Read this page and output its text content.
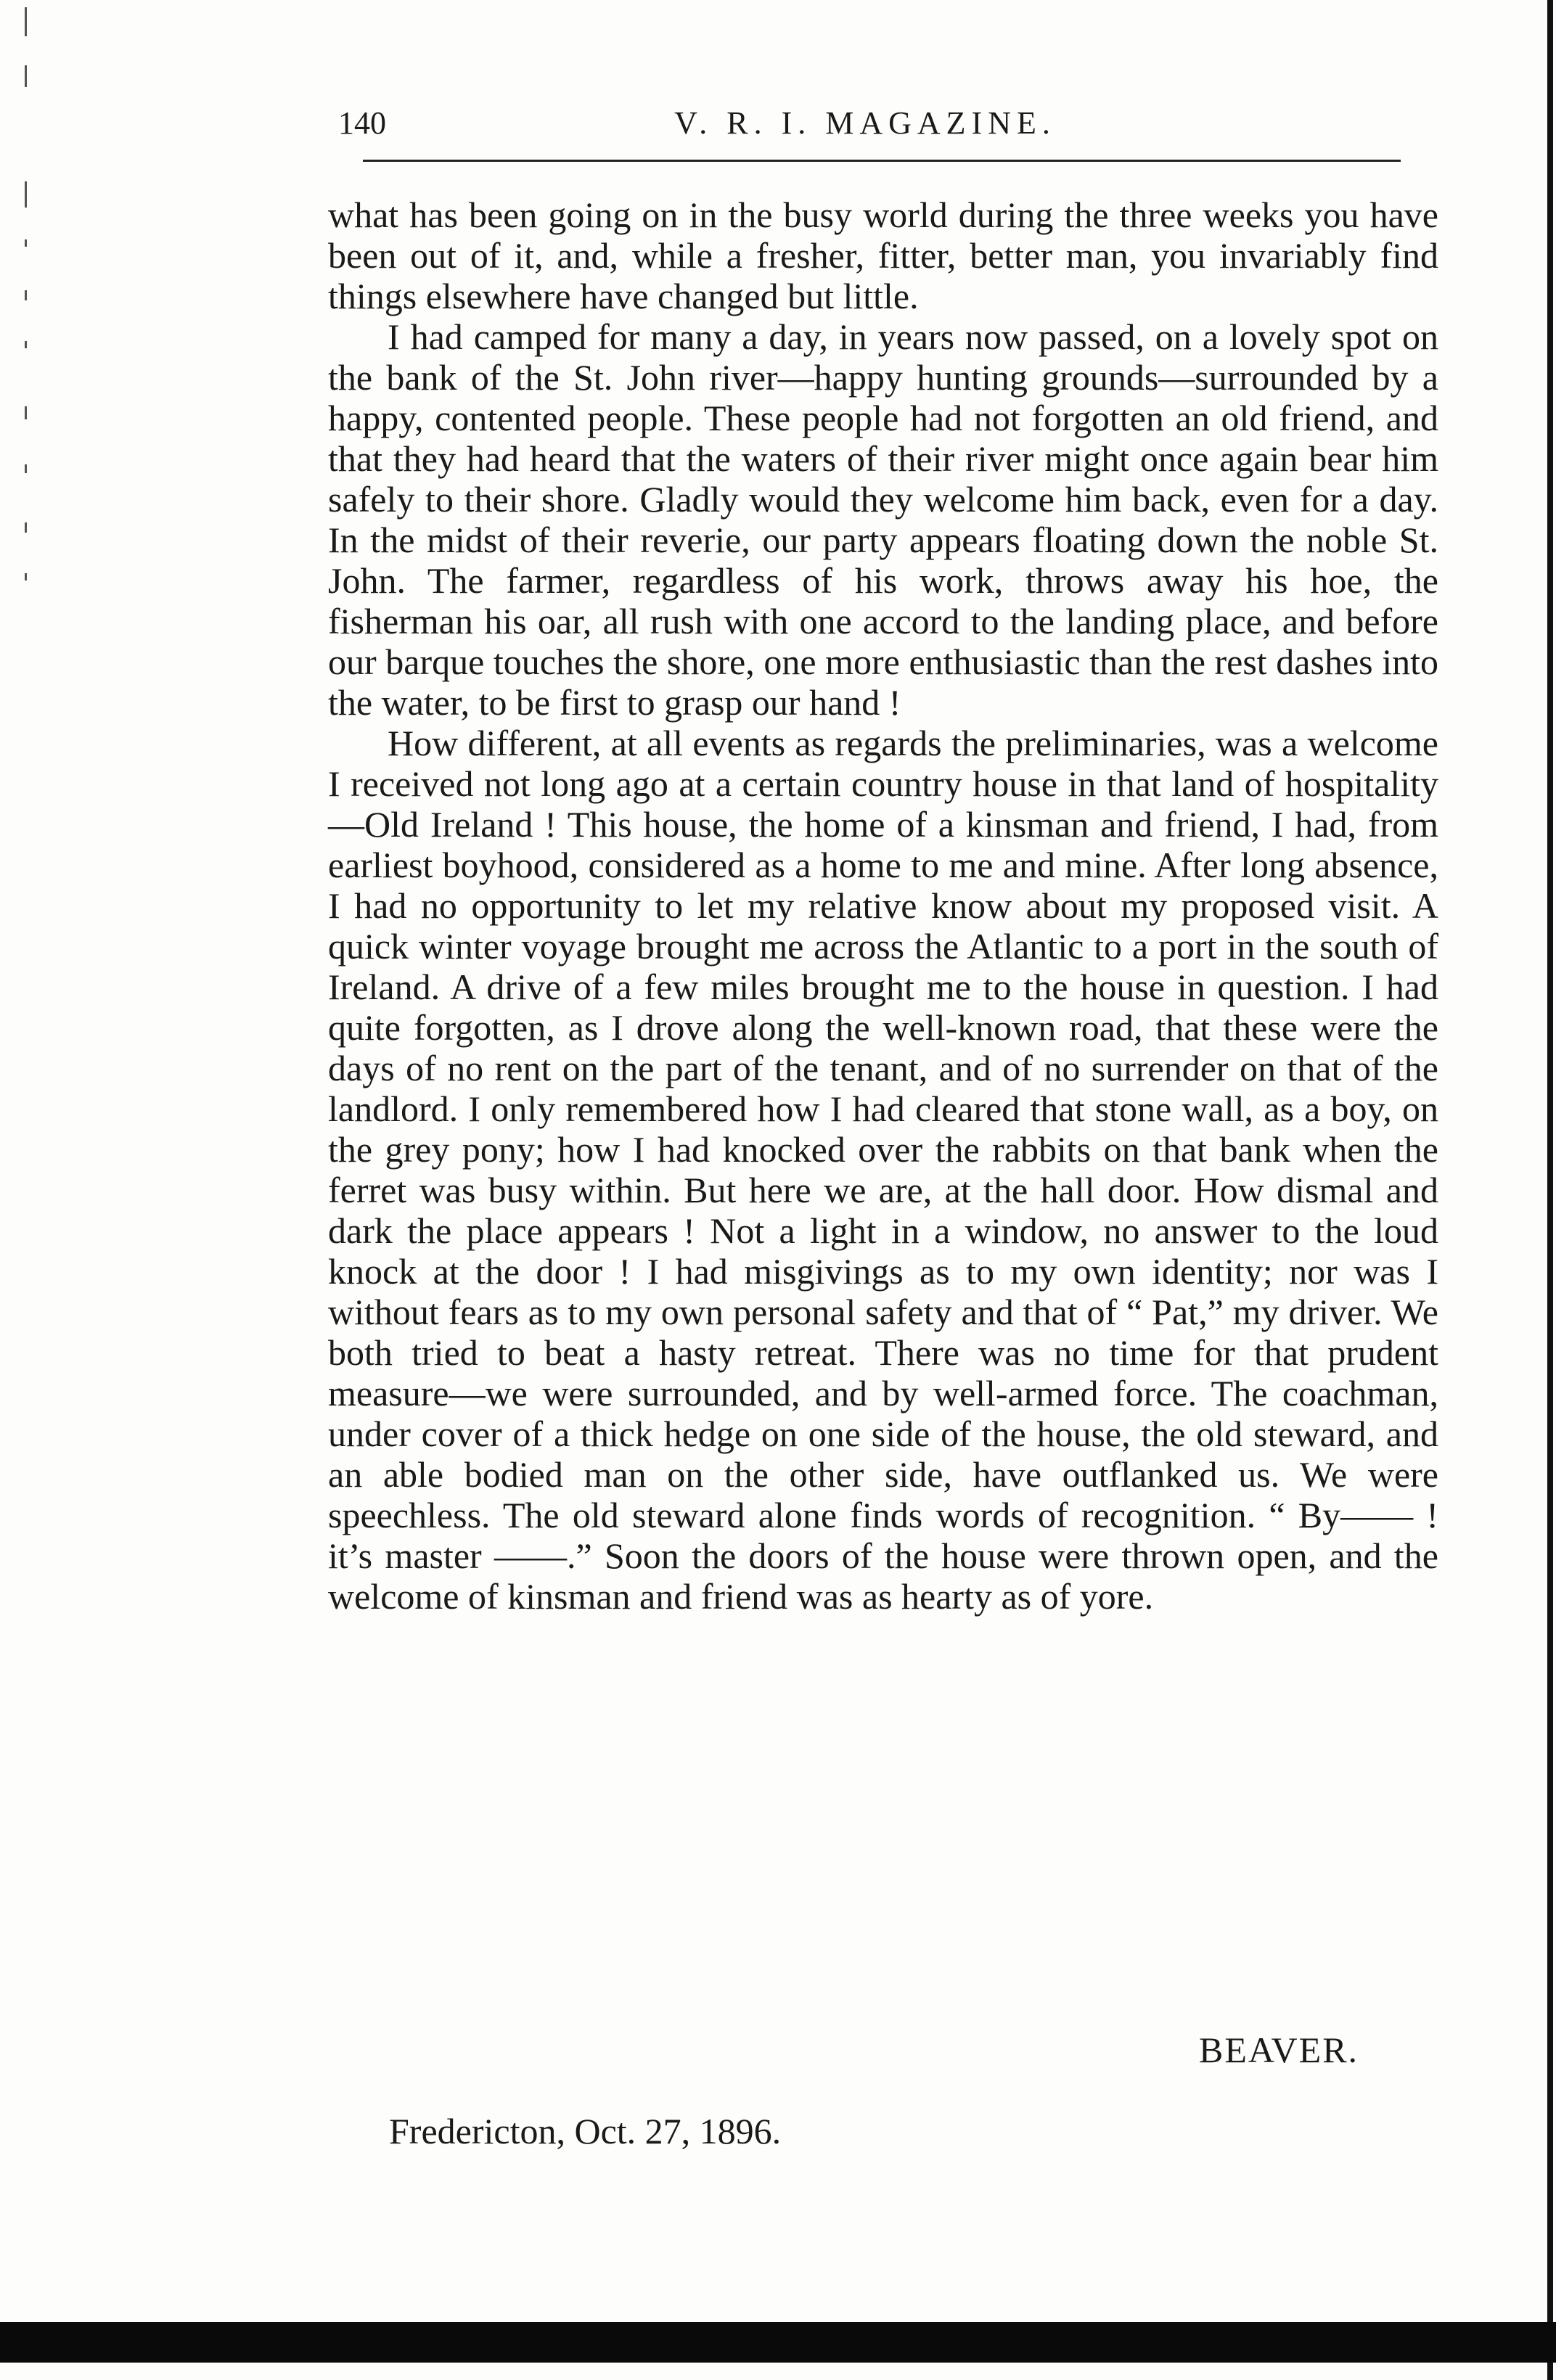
140	V. R. I. MAGAZINE.

what has been going on in the busy world during the three weeks you have been out of it, and, while a fresher, fitter, better man, you invariably find things elsewhere have changed but little.

I had camped for many a day, in years now passed, on a lovely spot on the bank of the St. John river—happy hunting grounds—surrounded by a happy, contented people. These people had not forgotten an old friend, and that they had heard that the waters of their river might once again bear him safely to their shore. Gladly would they welcome him back, even for a day. In the midst of their reverie, our party appears floating down the noble St. John. The farmer, regardless of his work, throws away his hoe, the fisherman his oar, all rush with one accord to the landing place, and before our barque touches the shore, one more enthusiastic than the rest dashes into the water, to be first to grasp our hand !

How different, at all events as regards the preliminaries, was a welcome I received not long ago at a certain country house in that land of hospitality—Old Ireland ! This house, the home of a kinsman and friend, I had, from earliest boyhood, considered as a home to me and mine. After long absence, I had no opportunity to let my relative know about my proposed visit. A quick winter voyage brought me across the Atlantic to a port in the south of Ireland. A drive of a few miles brought me to the house in question. I had quite forgotten, as I drove along the well-known road, that these were the days of no rent on the part of the tenant, and of no surrender on that of the landlord. I only remembered how I had cleared that stone wall, as a boy, on the grey pony; how I had knocked over the rabbits on that bank when the ferret was busy within. But here we are, at the hall door. How dismal and dark the place appears ! Not a light in a window, no answer to the loud knock at the door ! I had misgivings as to my own identity; nor was I without fears as to my own personal safety and that of “ Pat,” my driver. We both tried to beat a hasty retreat. There was no time for that prudent measure—we were surrounded, and by well-armed force. The coachman, under cover of a thick hedge on one side of the house, the old steward, and an able bodied man on the other side, have outflanked us. We were speechless. The old steward alone finds words of recognition. “ By—— ! it’s master ——.” Soon the doors of the house were thrown open, and the welcome of kinsman and friend was as hearty as of yore.

BEAVER.
Fredericton, Oct. 27, 1896.
